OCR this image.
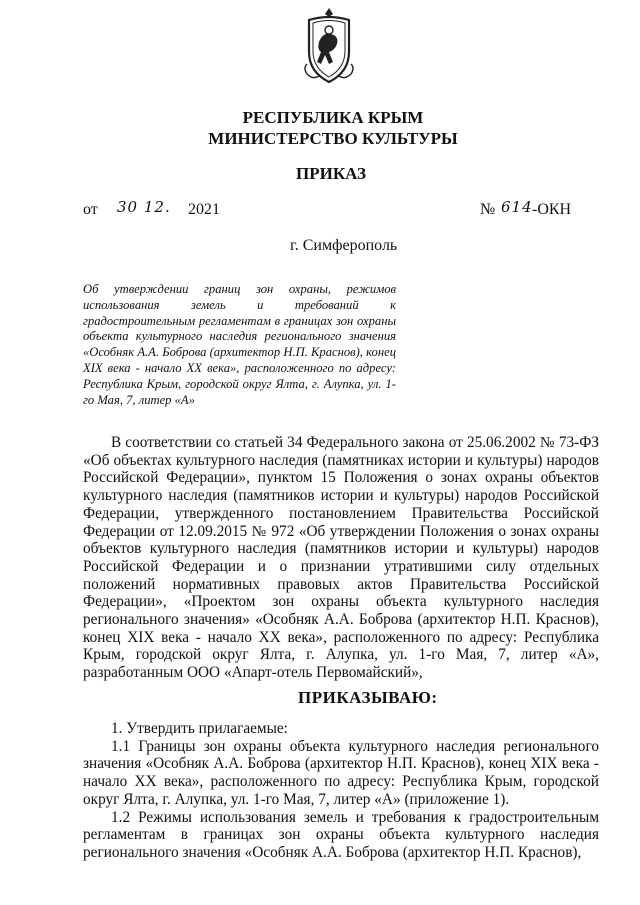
РЕСПУБЛИКА КРЫМ
МИНИСТЕРСТВО КУЛЬТУРЫ
ПРИКАЗ
от 30 12. 2021	№ 614 -ОКН
г. Симферополь
Об утверждении границ зон охраны, режимов использования земель и требований к градостроительным регламентам в границах зон охраны объекта культурного наследия регионального значения «Особняк А.А. Боброва (архитектор Н.П. Краснов), конец XIX века - начало XX века», расположенного по адресу: Республика Крым, городской округ Ялта, г. Алупка, ул. 1-го Мая, 7, литер «А»
В соответствии со статьей 34 Федерального закона от 25.06.2002 № 73-ФЗ «Об объектах культурного наследия (памятниках истории и культуры) народов Российской Федерации», пунктом 15 Положения о зонах охраны объектов культурного наследия (памятников истории и культуры) народов Российской Федерации, утвержденного постановлением Правительства Российской Федерации от 12.09.2015 № 972 «Об утверждении Положения о зонах охраны объектов культурного наследия (памятников истории и культуры) народов Российской Федерации и о признании утратившими силу отдельных положений нормативных правовых актов Правительства Российской Федерации», «Проектом зон охраны объекта культурного наследия регионального значения» «Особняк А.А. Боброва (архитектор Н.П. Краснов), конец XIX века - начало XX века», расположенного по адресу: Республика Крым, городской округ Ялта, г. Алупка, ул. 1-го Мая, 7, литер «А», разработанным ООО «Апарт-отель Первомайский»,
ПРИКАЗЫВАЮ:
1. Утвердить прилагаемые:
1.1 Границы зон охраны объекта культурного наследия регионального значения «Особняк А.А. Боброва (архитектор Н.П. Краснов), конец XIX века - начало XX века», расположенного по адресу: Республика Крым, городской округ Ялта, г. Алупка, ул. 1-го Мая, 7, литер «А» (приложение 1).
1.2 Режимы использования земель и требования к градостроительным регламентам в границах зон охраны объекта культурного наследия регионального значения «Особняк А.А. Боброва (архитектор Н.П. Краснов),
